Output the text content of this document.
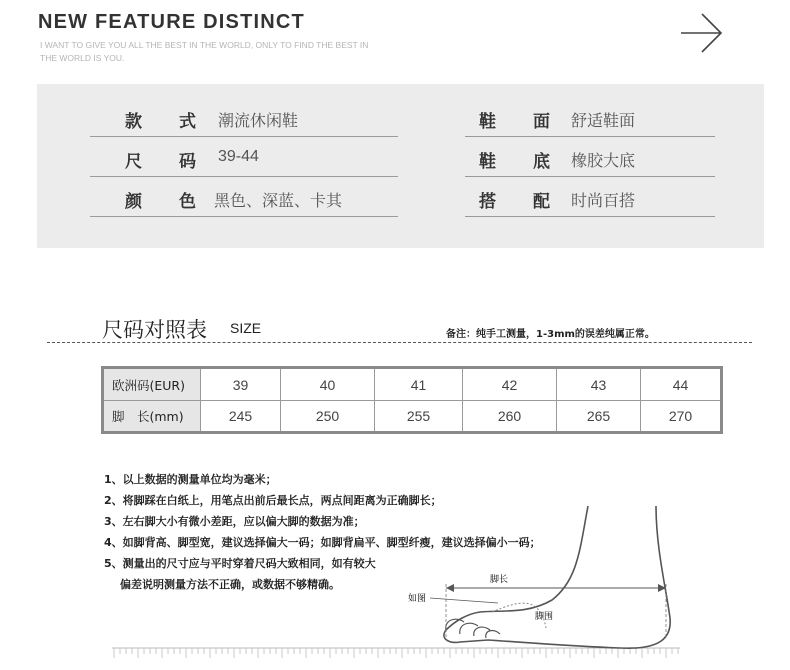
NEW FEATURE DISTINCT
I WANT TO GIVE YOU ALL THE BEST IN THE WORLD, ONLY TO FIND THE BEST IN THE WORLD IS YOU.
款 式 潮流休闲鞋
尺 码 39-44
颜 色 黑色、深蓝、卡其
鞋 面 舒适鞋面
鞋 底 橡胶大底
搭 配 时尚百搭
尺码对照表 SIZE	备注：纯手工测量，1-3mm的误差纯属正常。
欧洲码(EUR)	39	40	41	42	43	44
脚　长(mm)	245	250	255	260	265	270
脚长
如图
脚围
1、以上数据的测量单位均为毫米；
2、将脚踩在白纸上，用笔点出前后最长点，两点间距离为正确脚长；
3、左右脚大小有微小差距，应以偏大脚的数据为准；
4、如脚背高、脚型宽，建议选择偏大一码；如脚背扁平、脚型纤瘦，建议选择偏小一码；
5、测量出的尺寸应与平时穿着尺码大致相同，如有较大
偏差说明测量方法不正确，或数据不够精确。
